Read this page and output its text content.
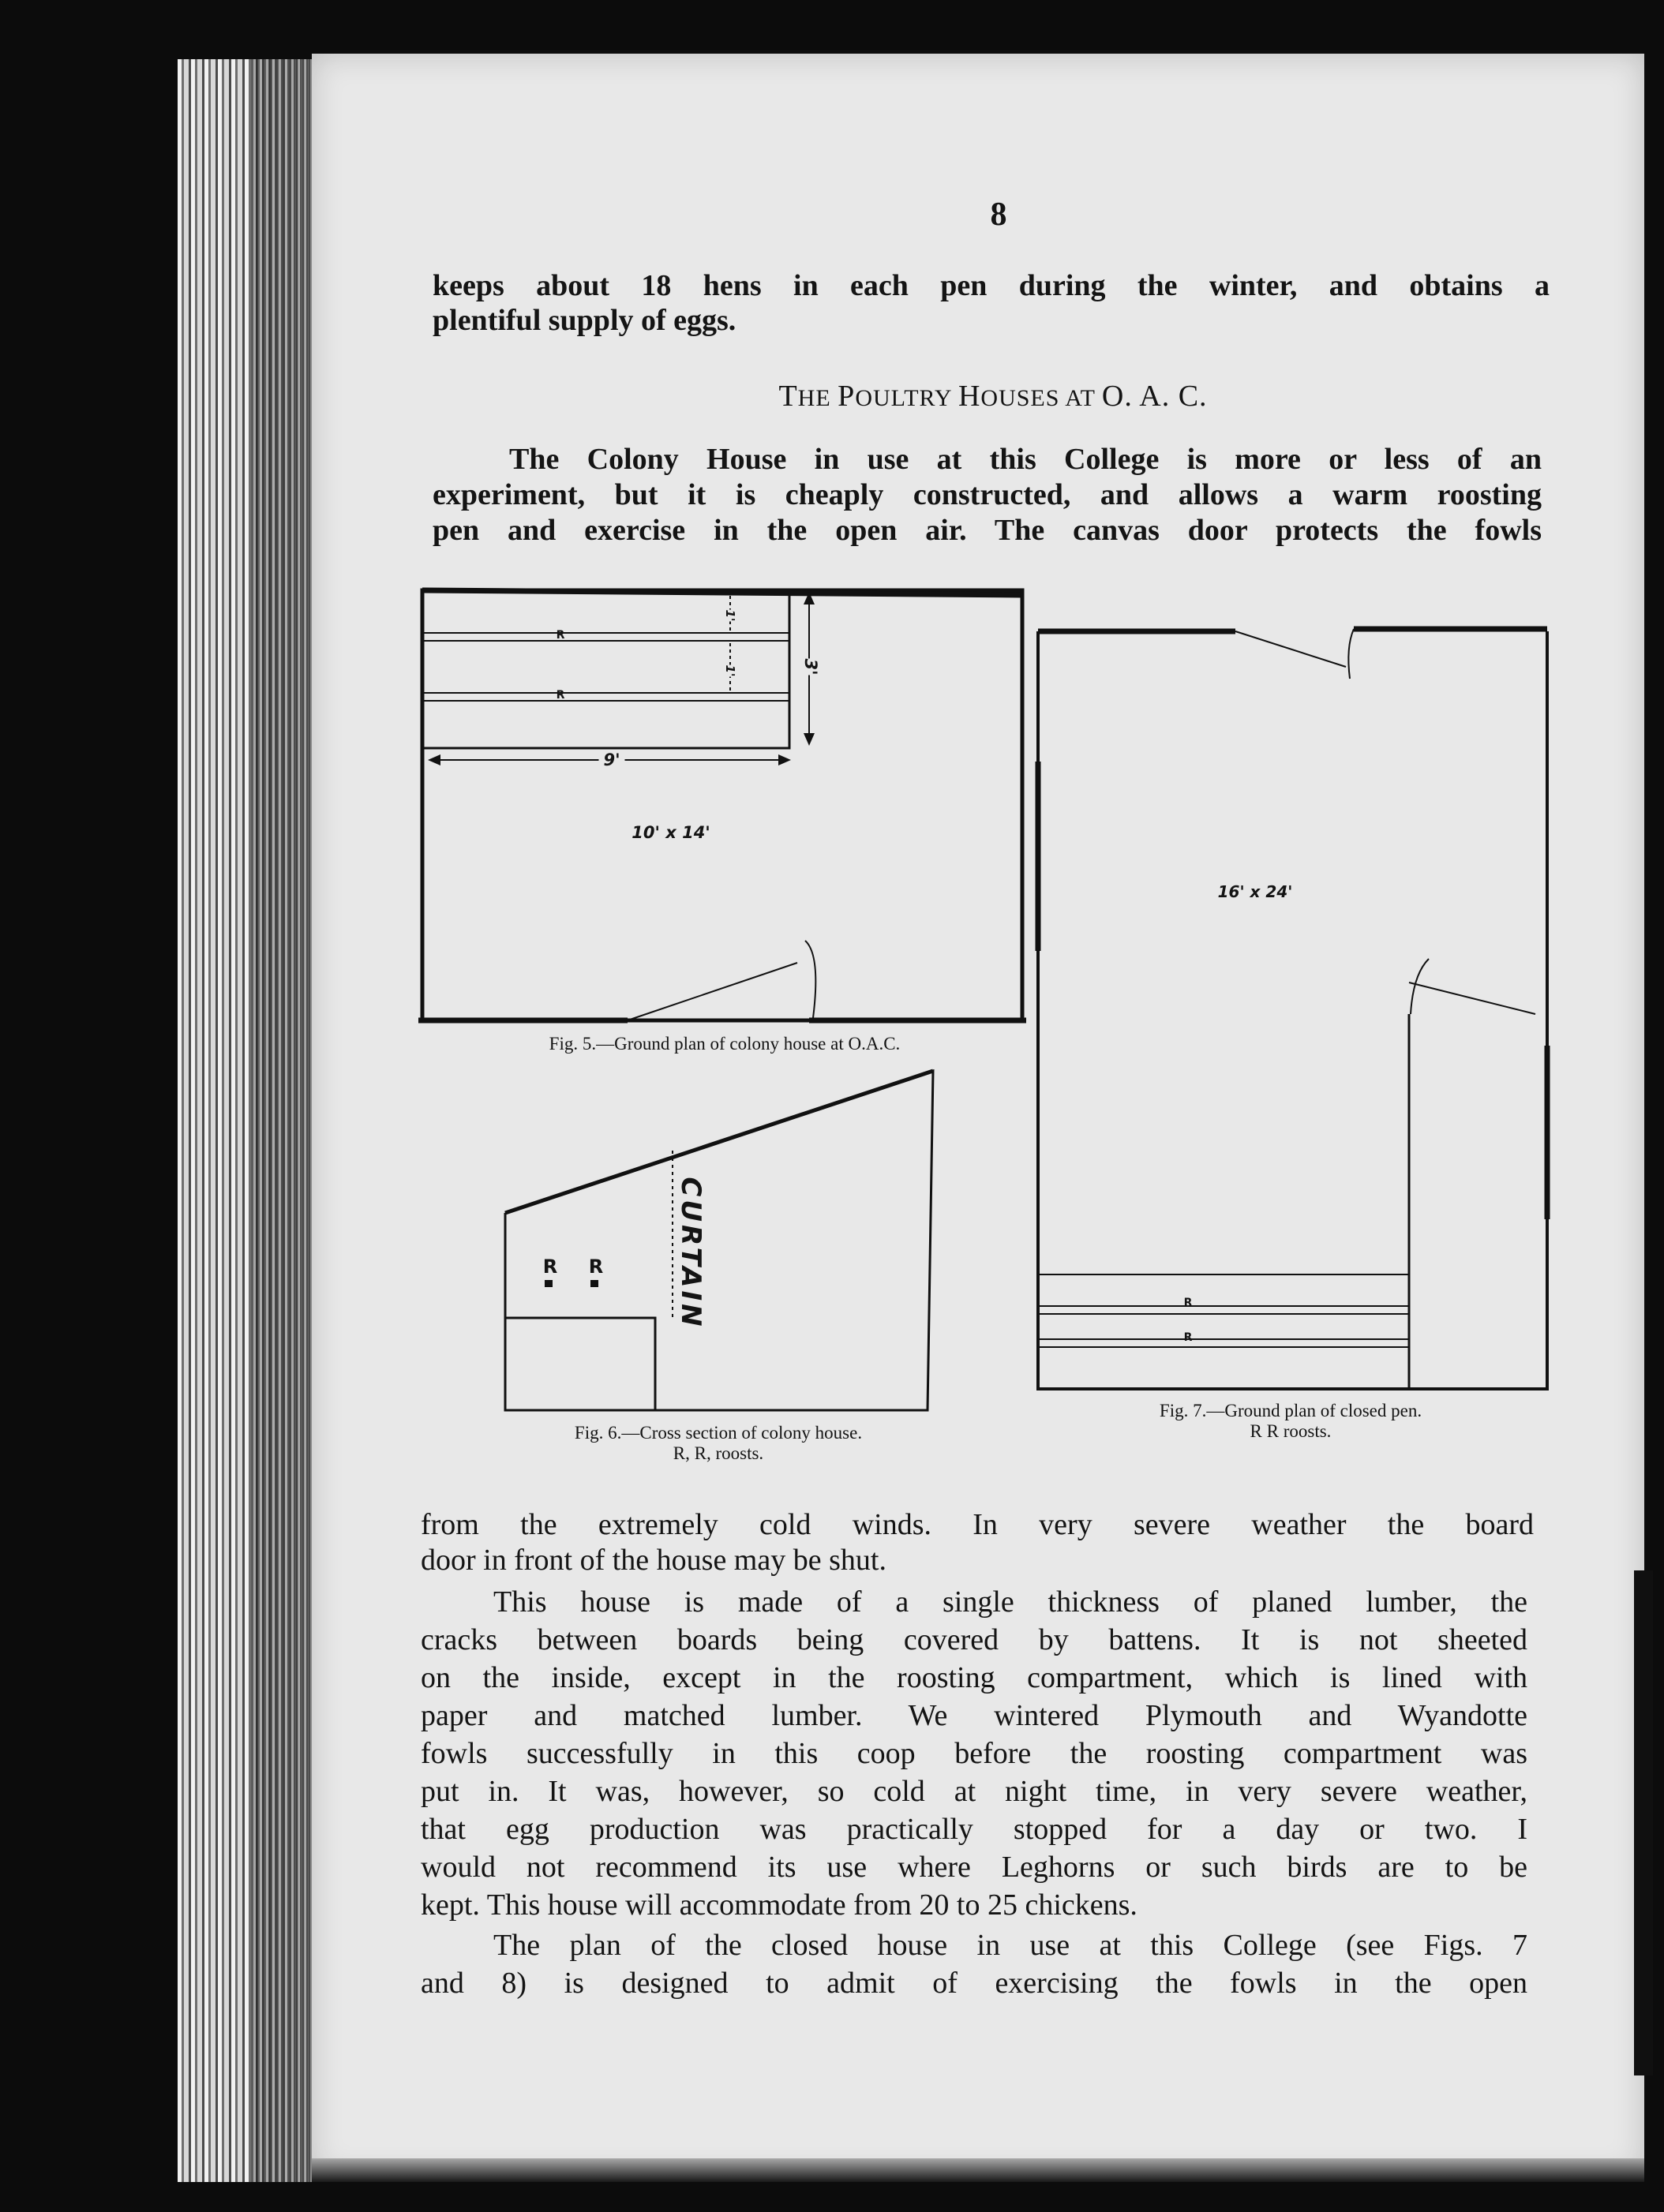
8
keeps about 18 hens in each pen during the winter, and obtains a
plentiful supply of eggs.
THE POULTRY HOUSES AT O. A. C.
The Colony House in use at this College is more or less of an
experiment, but it is cheaply constructed, and allows a warm roosting
pen and exercise in the open air. The canvas door protects the fowls
R
R
9'
3'
1'
1'
10' x 14'
Fig. 5.—Ground plan of colony house at O.A.C.
R R	CURTAIN
Fig. 6.—Cross section of colony house.
R, R, roosts.
16' x 24'
R
R
Fig. 7.—Ground plan of closed pen.
R R roosts.
from the extremely cold winds. In very severe weather the board
door in front of the house may be shut.
This house is made of a single thickness of planed lumber, the
cracks between boards being covered by battens. It is not sheeted
on the inside, except in the roosting compartment, which is lined with
paper and matched lumber. We wintered Plymouth and Wyandotte
fowls successfully in this coop before the roosting compartment was
put in. It was, however, so cold at night time, in very severe weather,
that egg production was practically stopped for a day or two. I
would not recommend its use where Leghorns or such birds are to be
kept. This house will accommodate from 20 to 25 chickens.
The plan of the closed house in use at this College (see Figs. 7
and 8) is designed to admit of exercising the fowls in the open
